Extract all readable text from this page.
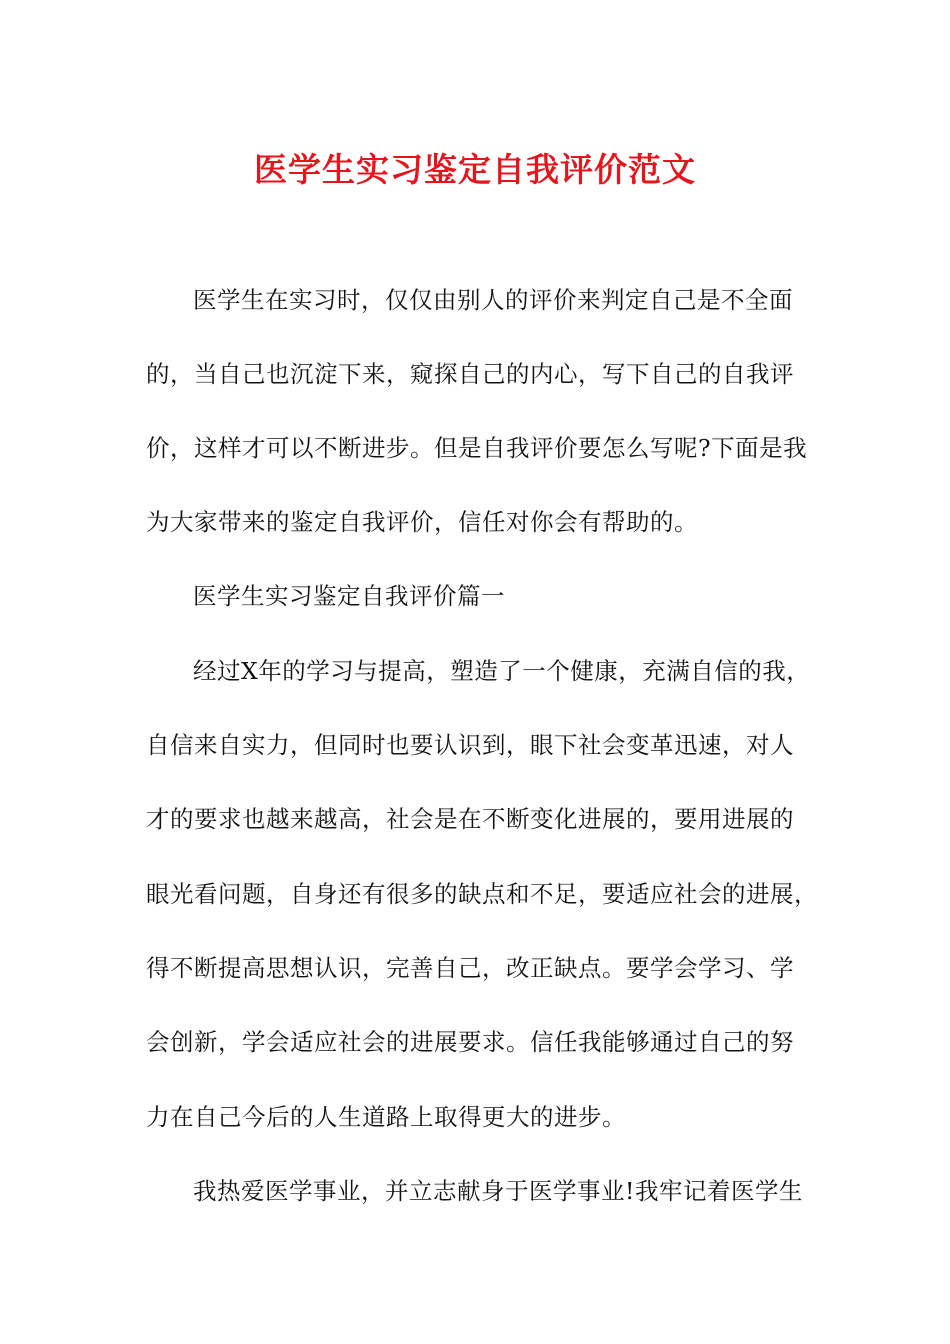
医学生实习鉴定自我评价范文

医学生在实习时，仅仅由别人的评价来判定自己是不全面

的，当自己也沉淀下来，窥探自己的内心，写下自己的自我评

价，这样才可以不断进步。但是自我评价要怎么写呢?下面是我

为大家带来的鉴定自我评价，信任对你会有帮助的。

医学生实习鉴定自我评价篇一

经过X年的学习与提高，塑造了一个健康，充满自信的我，

自信来自实力，但同时也要认识到，眼下社会变革迅速，对人

才的要求也越来越高，社会是在不断变化进展的，要用进展的

眼光看问题，自身还有很多的缺点和不足，要适应社会的进展，

得不断提高思想认识，完善自己，改正缺点。要学会学习、学

会创新，学会适应社会的进展要求。信任我能够通过自己的努

力在自己今后的人生道路上取得更大的进步。

我热爱医学事业，并立志献身于医学事业!我牢记着医学生
